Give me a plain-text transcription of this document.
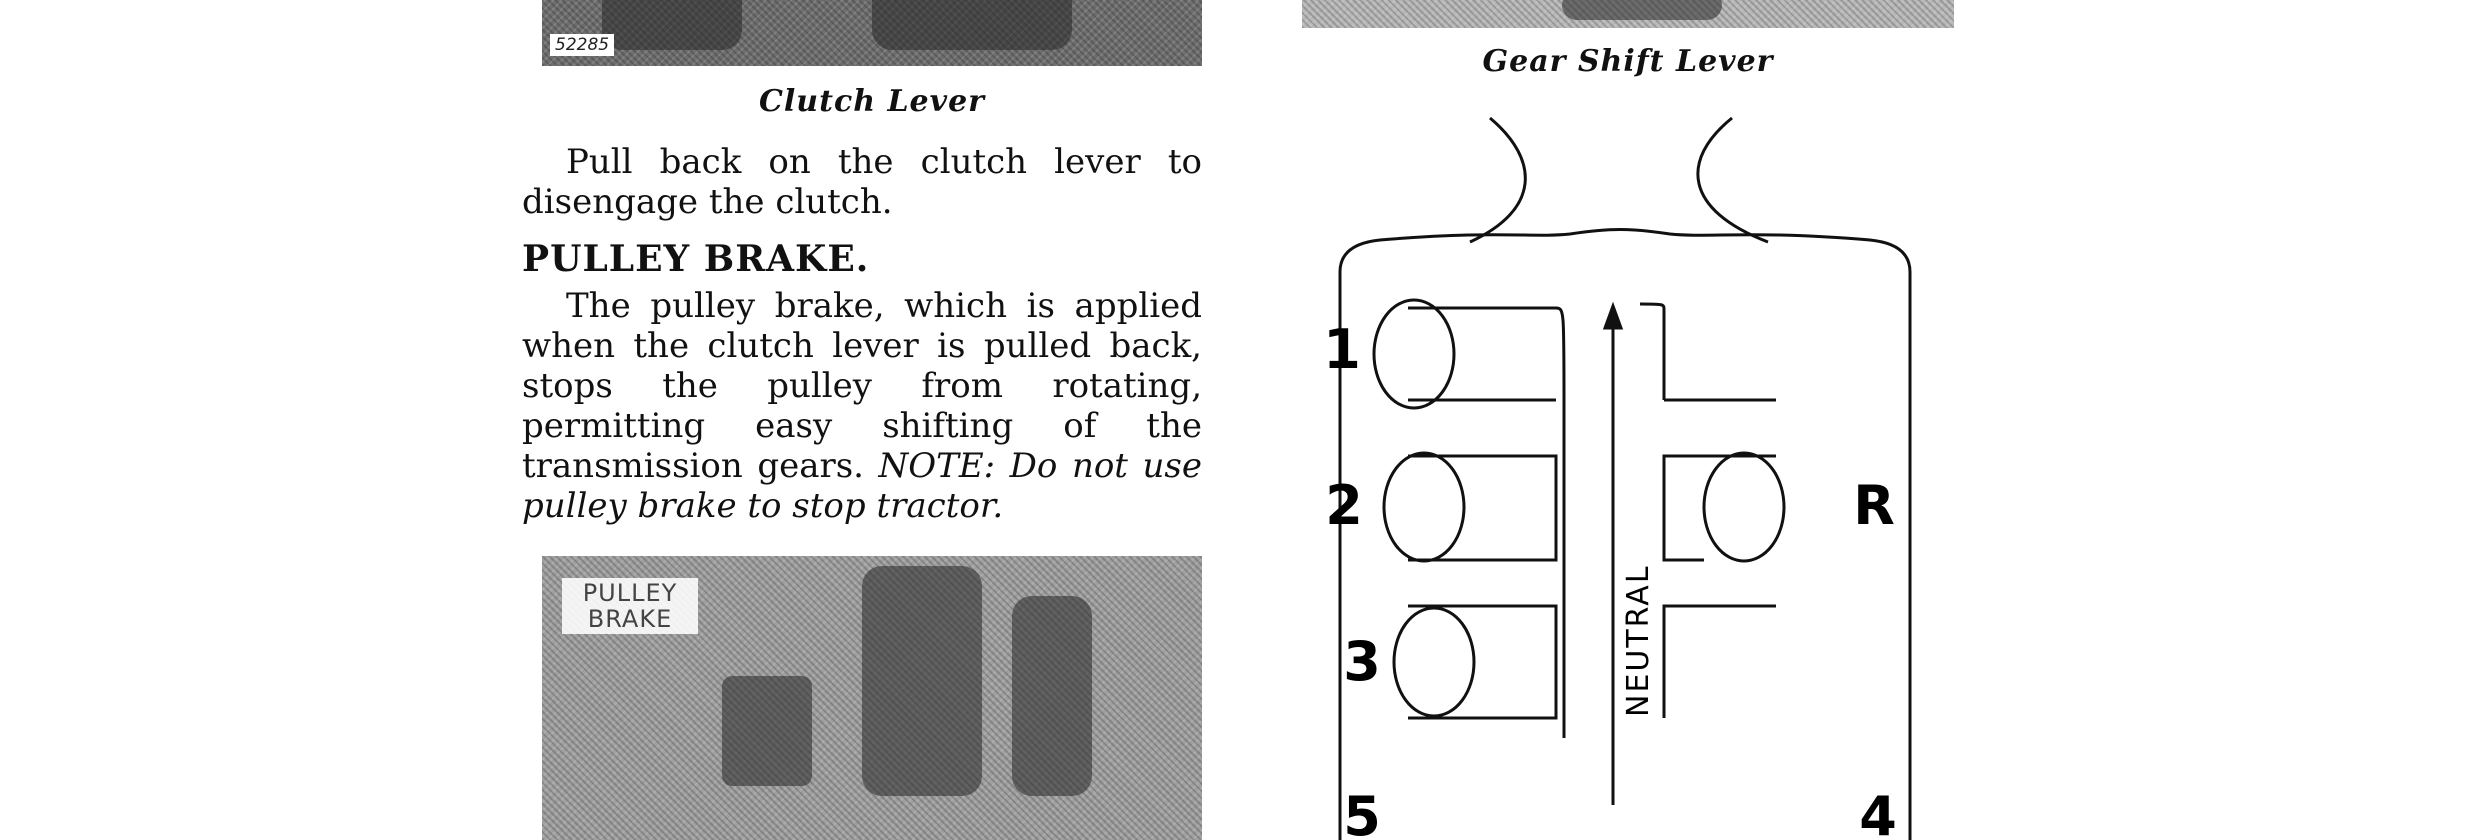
52285
Clutch Lever
Gear Shift Lever

Pull back on the clutch lever to disengage the clutch.

PULLEY BRAKE.

The pulley brake, which is applied when the clutch lever is pulled back, stops the pulley from rotating, permitting easy shifting of the transmission gears. NOTE: Do not use pulley brake to stop tractor.

PULLEY BRAKE
1
2
3
5
R
4
NEUTRAL
